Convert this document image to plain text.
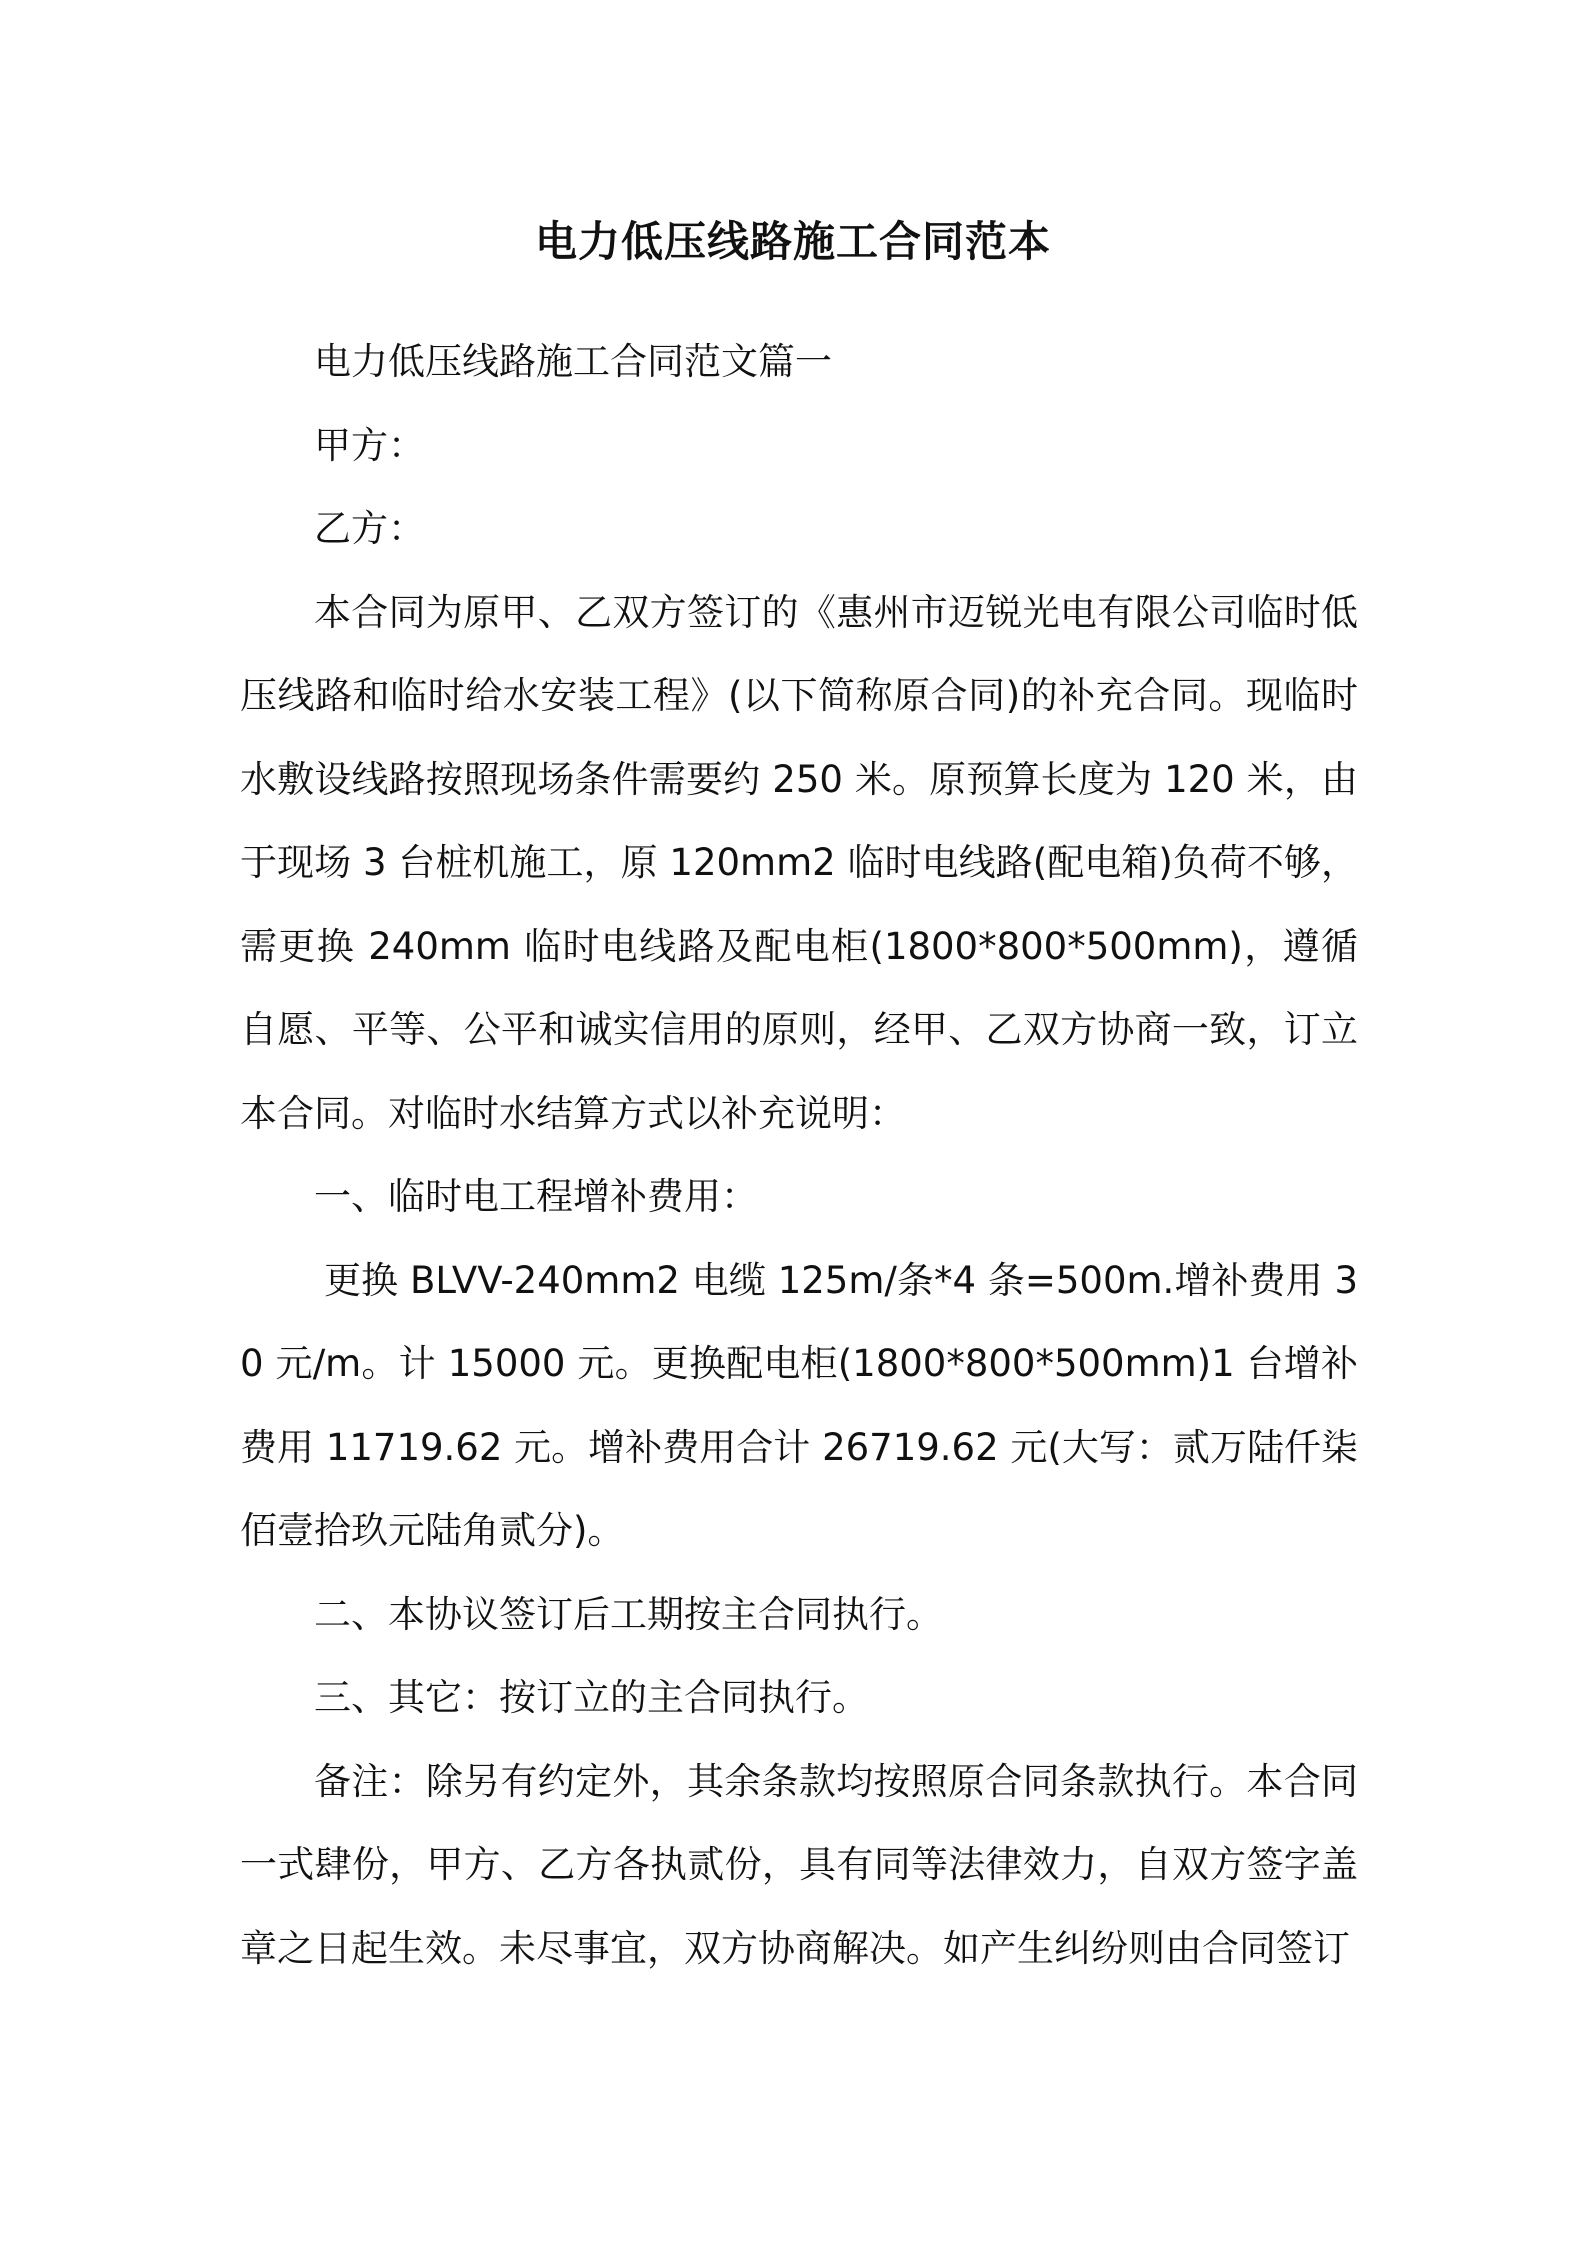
电力低压线路施工合同范本

电力低压线路施工合同范文篇一

甲方：

乙方：

本合同为原甲、乙双方签订的《惠州市迈锐光电有限公司临时低压线路和临时给水安装工程》(以下简称原合同)的补充合同。现临时水敷设线路按照现场条件需要约 250 米。原预算长度为 120 米，由于现场 3 台桩机施工，原 120mm2 临时电线路(配电箱)负荷不够，需更换 240mm 临时电线路及配电柜(1800*800*500mm)，遵循自愿、平等、公平和诚实信用的原则，经甲、乙双方协商一致，订立本合同。对临时水结算方式以补充说明：

一、临时电工程增补费用：

更换 BLVV-240mm2 电缆 125m/条*4 条=500m.增补费用 30 元/m。计 15000 元。更换配电柜(1800*800*500mm)1 台增补费用 11719.62 元。增补费用合计 26719.62 元(大写：贰万陆仟柒佰壹拾玖元陆角贰分)。

二、本协议签订后工期按主合同执行。

三、其它：按订立的主合同执行。

备注：除另有约定外，其余条款均按照原合同条款执行。本合同一式肆份，甲方、乙方各执贰份，具有同等法律效力，自双方签字盖章之日起生效。未尽事宜，双方协商解决。如产生纠纷则由合同签订
